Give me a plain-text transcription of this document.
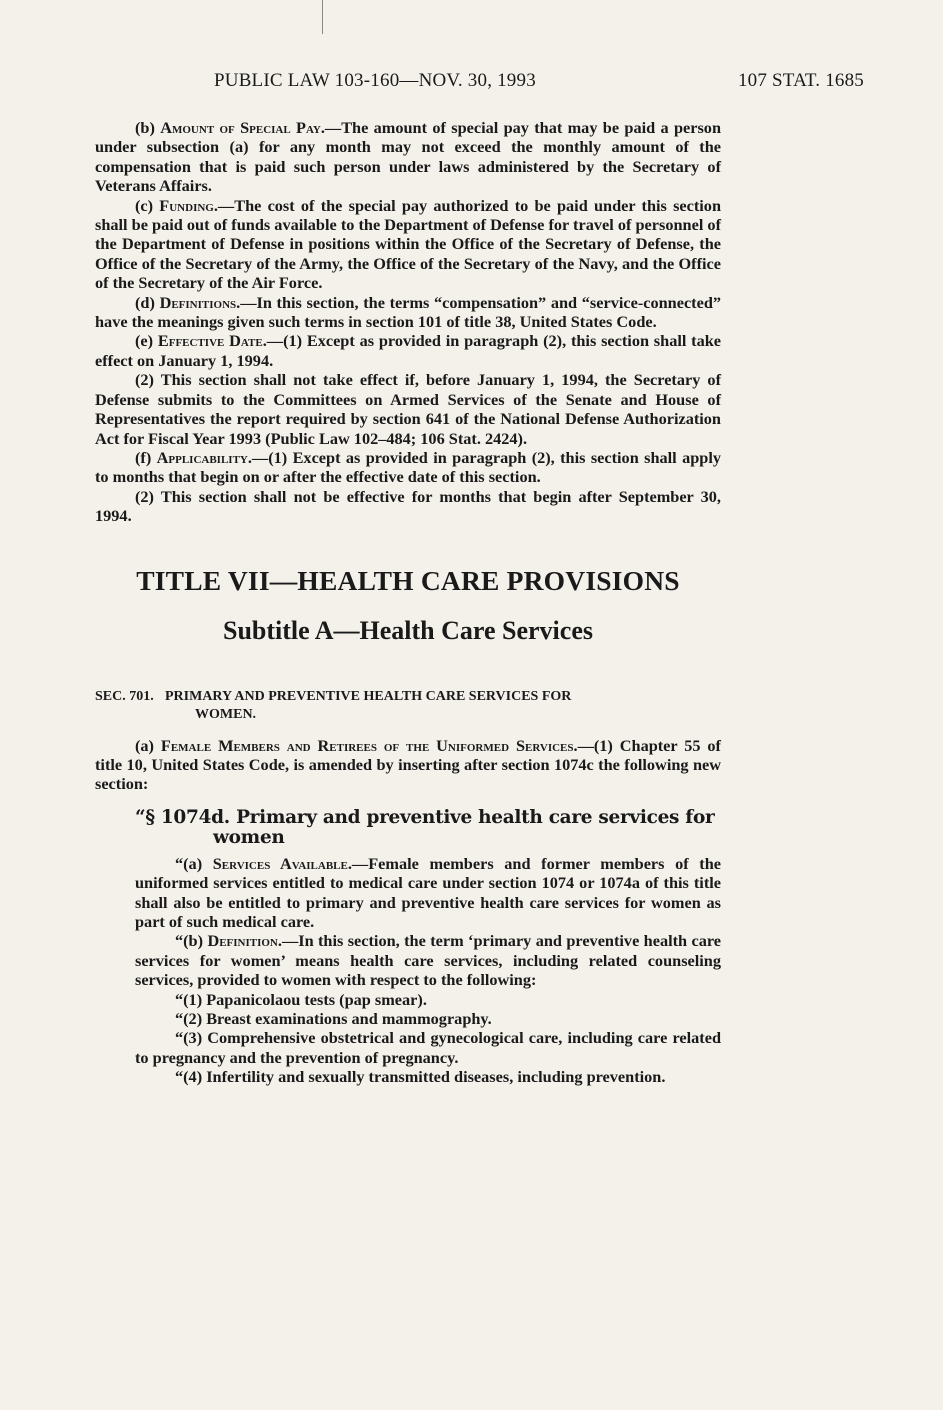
PUBLIC LAW 103-160—NOV. 30, 1993	107 STAT. 1685

(b) Amount of Special Pay.—The amount of special pay that may be paid a person under subsection (a) for any month may not exceed the monthly amount of the compensation that is paid such person under laws administered by the Secretary of Veterans Affairs.

(c) Funding.—The cost of the special pay authorized to be paid under this section shall be paid out of funds available to the Department of Defense for travel of personnel of the Department of Defense in positions within the Office of the Secretary of Defense, the Office of the Secretary of the Army, the Office of the Secretary of the Navy, and the Office of the Secretary of the Air Force.

(d) Definitions.—In this section, the terms “compensation” and “service-connected” have the meanings given such terms in section 101 of title 38, United States Code.

(e) Effective Date.—(1) Except as provided in paragraph (2), this section shall take effect on January 1, 1994.

(2) This section shall not take effect if, before January 1, 1994, the Secretary of Defense submits to the Committees on Armed Services of the Senate and House of Representatives the report required by section 641 of the National Defense Authorization Act for Fiscal Year 1993 (Public Law 102–484; 106 Stat. 2424).

(f) Applicability.—(1) Except as provided in paragraph (2), this section shall apply to months that begin on or after the effective date of this section.

(2) This section shall not be effective for months that begin after September 30, 1994.

TITLE VII—HEALTH CARE PROVISIONS
Subtitle A—Health Care Services
SEC. 701. PRIMARY AND PREVENTIVE HEALTH CARE SERVICES FOR
WOMEN.

(a) Female Members and Retirees of the Uniformed Services.—(1) Chapter 55 of title 10, United States Code, is amended by inserting after section 1074c the following new section:

“§ 1074d. Primary and preventive health care services for
women

“(a) Services Available.—Female members and former members of the uniformed services entitled to medical care under section 1074 or 1074a of this title shall also be entitled to primary and preventive health care services for women as part of such medical care.

“(b) Definition.—In this section, the term ‘primary and preventive health care services for women’ means health care services, including related counseling services, provided to women with respect to the following:

“(1) Papanicolaou tests (pap smear).

“(2) Breast examinations and mammography.

“(3) Comprehensive obstetrical and gynecological care, including care related to pregnancy and the prevention of pregnancy.

“(4) Infertility and sexually transmitted diseases, including prevention.
